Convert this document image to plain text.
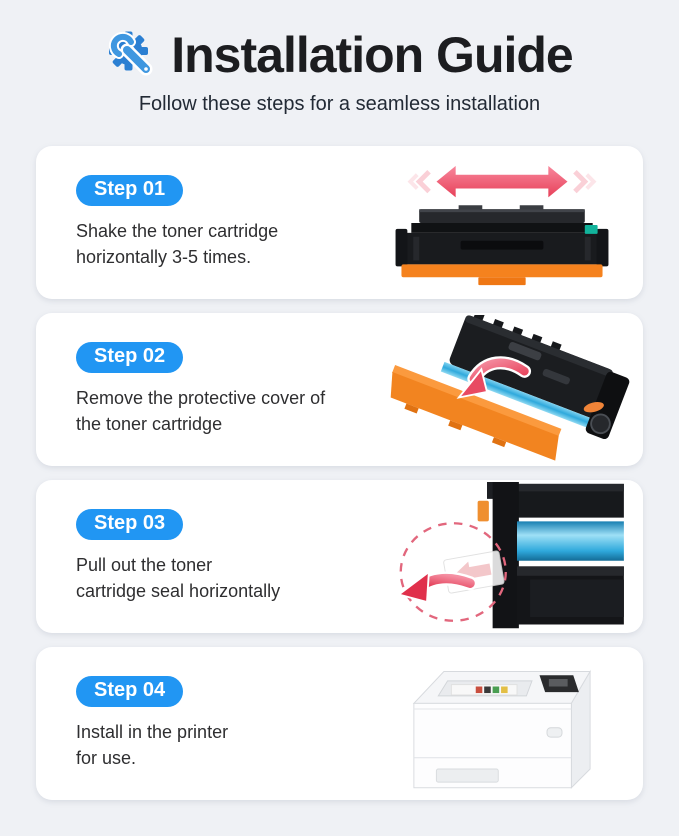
Installation Guide
Follow these steps for a seamless installation
Step 01

Shake the toner cartridge
horizontally 3-5 times.

Step 02

Remove the protective cover of
the toner cartridge

Step 03

Pull out the toner
cartridge seal horizontally

Step 04

Install in the printer
for use.
